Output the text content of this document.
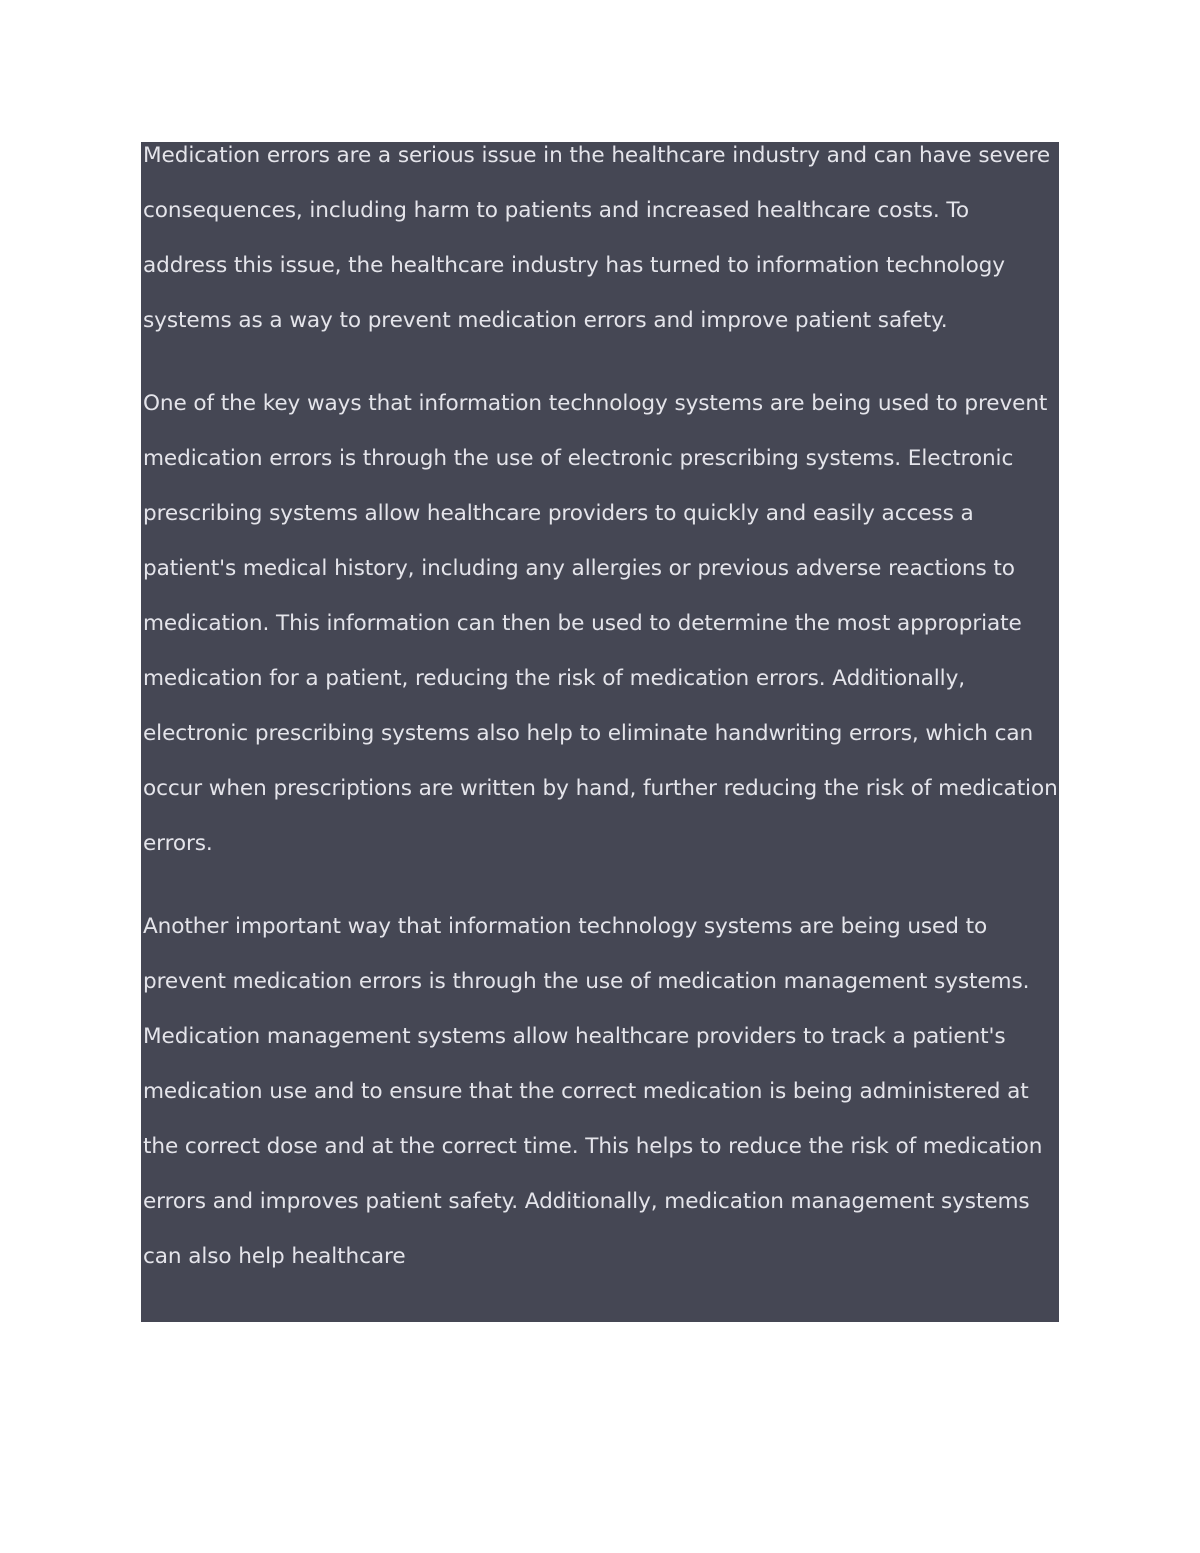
Medication errors are a serious issue in the healthcare industry and can have severe consequences, including harm to patients and increased healthcare costs. To address this issue, the healthcare industry has turned to information technology systems as a way to prevent medication errors and improve patient safety.

One of the key ways that information technology systems are being used to prevent medication errors is through the use of electronic prescribing systems. Electronic prescribing systems allow healthcare providers to quickly and easily access a patient's medical history, including any allergies or previous adverse reactions to medication. This information can then be used to determine the most appropriate medication for a patient, reducing the risk of medication errors. Additionally, electronic prescribing systems also help to eliminate handwriting errors, which can occur when prescriptions are written by hand, further reducing the risk of medication errors.

Another important way that information technology systems are being used to prevent medication errors is through the use of medication management systems. Medication management systems allow healthcare providers to track a patient's medication use and to ensure that the correct medication is being administered at the correct dose and at the correct time. This helps to reduce the risk of medication errors and improves patient safety. Additionally, medication management systems can also help healthcare
